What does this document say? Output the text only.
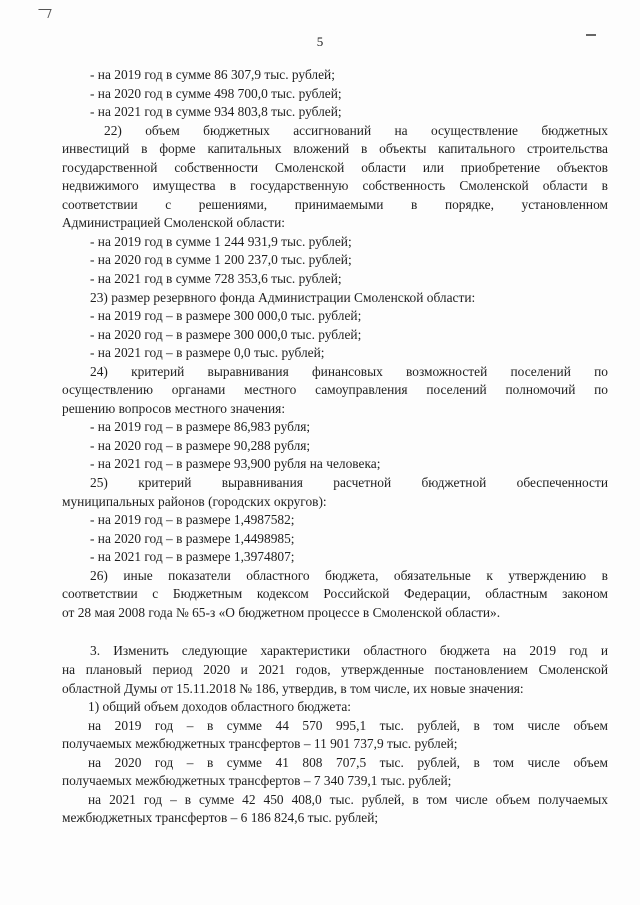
5
- на 2019 год в сумме 86 307,9 тыс. рублей;
- на 2020 год в сумме 498 700,0 тыс. рублей;
- на 2021 год в сумме 934 803,8 тыс. рублей;
22) объем бюджетных ассигнований на осуществление бюджетных
инвестиций в форме капитальных вложений в объекты капитального строительства
государственной собственности Смоленской области или приобретение объектов
недвижимого имущества в государственную собственность Смоленской области в
соответствии с решениями, принимаемыми в порядке, установленном
Администрацией Смоленской области:
- на 2019 год в сумме 1 244 931,9 тыс. рублей;
- на 2020 год в сумме 1 200 237,0 тыс. рублей;
- на 2021 год в сумме 728 353,6 тыс. рублей;
23) размер резервного фонда Администрации Смоленской области:
- на 2019 год – в размере 300 000,0 тыс. рублей;
- на 2020 год – в размере 300 000,0 тыс. рублей;
- на 2021 год – в размере 0,0 тыс. рублей;
24) критерий выравнивания финансовых возможностей поселений по
осуществлению органами местного самоуправления поселений полномочий по
решению вопросов местного значения:
- на 2019 год – в размере 86,983 рубля;
- на 2020 год – в размере 90,288 рубля;
- на 2021 год – в размере 93,900 рубля на человека;
25) критерий выравнивания расчетной бюджетной обеспеченности
муниципальных районов (городских округов):
- на 2019 год – в размере 1,4987582;
- на 2020 год – в размере 1,4498985;
- на 2021 год – в размере 1,3974807;
26) иные показатели областного бюджета, обязательные к утверждению в
соответствии с Бюджетным кодексом Российской Федерации, областным законом
от 28 мая 2008 года № 65-з «О бюджетном процессе в Смоленской области».
3. Изменить следующие характеристики областного бюджета на 2019 год и
на плановый период 2020 и 2021 годов, утвержденные постановлением Смоленской
областной Думы от 15.11.2018 № 186, утвердив, в том числе, их новые значения:
1) общий объем доходов областного бюджета:
на 2019 год – в сумме 44 570 995,1 тыс. рублей, в том числе объем
получаемых межбюджетных трансфертов – 11 901 737,9 тыс. рублей;
на 2020 год – в сумме 41 808 707,5 тыс. рублей, в том числе объем
получаемых межбюджетных трансфертов – 7 340 739,1 тыс. рублей;
на 2021 год – в сумме 42 450 408,0 тыс. рублей, в том числе объем получаемых
межбюджетных трансфертов – 6 186 824,6 тыс. рублей;
